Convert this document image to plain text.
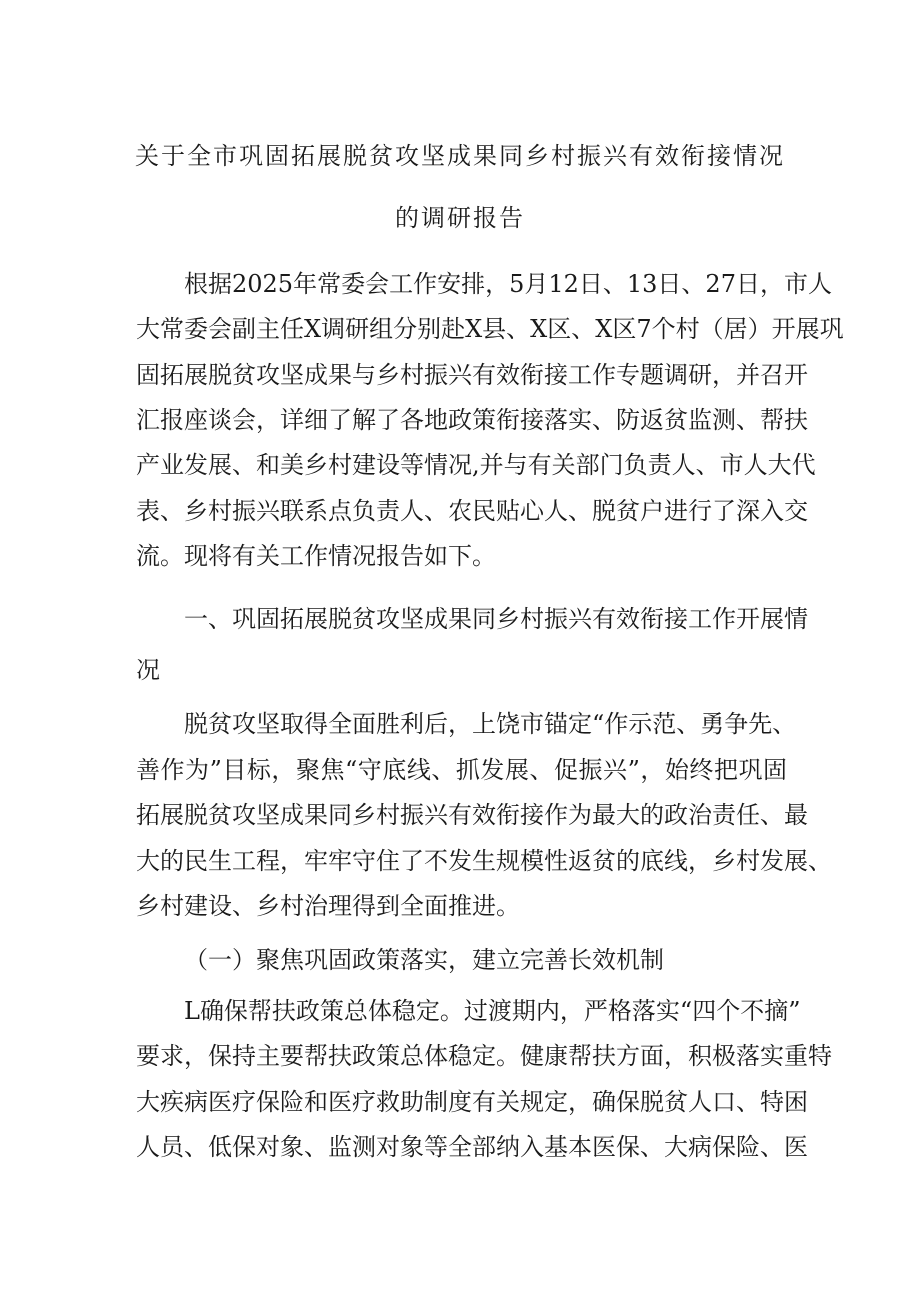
关于全市巩固拓展脱贫攻坚成果同乡村振兴有效衔接情况
的调研报告
根据2025年常委会工作安排，5月12日、13日、27日，市人
大常委会副主任X调研组分别赴X县、X区、X区7个村（居）开展巩
固拓展脱贫攻坚成果与乡村振兴有效衔接工作专题调研，并召开
汇报座谈会，详细了解了各地政策衔接落实、防返贫监测、帮扶
产业发展、和美乡村建设等情况,并与有关部门负责人、市人大代
表、乡村振兴联系点负责人、农民贴心人、脱贫户进行了深入交
流。现将有关工作情况报告如下。
一、巩固拓展脱贫攻坚成果同乡村振兴有效衔接工作开展情
况
脱贫攻坚取得全面胜利后，上饶市锚定“作示范、勇争先、
善作为”目标，聚焦“守底线、抓发展、促振兴”，始终把巩固
拓展脱贫攻坚成果同乡村振兴有效衔接作为最大的政治责任、最
大的民生工程，牢牢守住了不发生规模性返贫的底线，乡村发展、
乡村建设、乡村治理得到全面推进。
（一）聚焦巩固政策落实，建立完善长效机制
L确保帮扶政策总体稳定。过渡期内，严格落实“四个不摘”
要求，保持主要帮扶政策总体稳定。健康帮扶方面，积极落实重特
大疾病医疗保险和医疗救助制度有关规定，确保脱贫人口、特困
人员、低保对象、监测对象等全部纳入基本医保、大病保险、医
